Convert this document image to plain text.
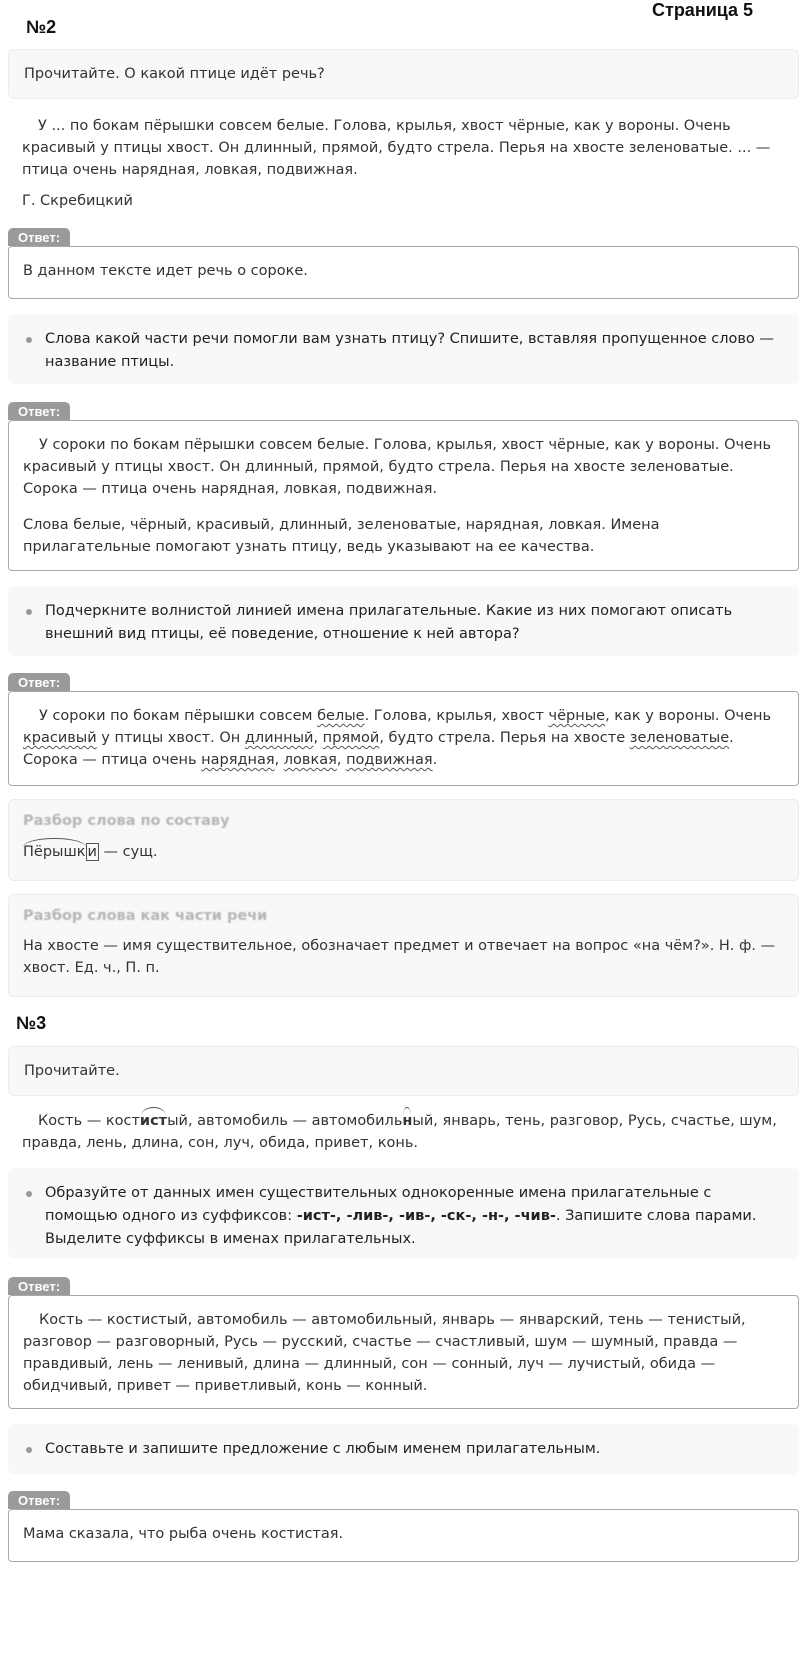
Страница 5
№2
Прочитайте. О какой птице идёт речь?
У ... по бокам пёрышки совсем белые. Голова, крылья, хвост чёрные, как у вороны. Очень красивый у птицы хвост. Он длинный, прямой, будто стрела. Перья на хвосте зеленоватые. ... — птица очень нарядная, ловкая, подвижная.
Г. Скребицкий
Ответ:
В данном тексте идет речь о сороке.
Слова какой части речи помогли вам узнать птицу? Спишите, вставляя пропущенное слово — название птицы.
Ответ:
У сороки по бокам пёрышки совсем белые. Голова, крылья, хвост чёрные, как у вороны. Очень красивый у птицы хвост. Он длинный, прямой, будто стрела. Перья на хвосте зеленоватые. Сорока — птица очень нарядная, ловкая, подвижная.
Слова белые, чёрный, красивый, длинный, зеленоватые, нарядная, ловкая. Имена прилагательные помогают узнать птицу, ведь указывают на ее качества.
Подчеркните волнистой линией имена прилагательные. Какие из них помогают описать внешний вид птицы, её поведение, отношение к ней автора?
Ответ:
У сороки по бокам пёрышки совсем белые. Голова, крылья, хвост чёрные, как у вороны. Очень красивый у птицы хвост. Он длинный, прямой, будто стрела. Перья на хвосте зеленоватые. Сорока — птица очень нарядная, ловкая, подвижная.
Разбор слова по составу
Пёрышк и — сущ.
Разбор слова как части речи
На хвосте — имя существительное, обозначает предмет и отвечает на вопрос «на чём?». Н. ф. — хвост. Ед. ч., П. п.
№3
Прочитайте.
Кость — костистый, автомобиль — автомобильный, январь, тень, разговор, Русь, счастье, шум, правда, лень, длина, сон, луч, обида, привет, конь.
Образуйте от данных имен существительных однокоренные имена прилагательные с помощью одного из суффиксов: -ист-, -лив-, -ив-, -ск-, -н-, -чив-. Запишите слова парами. Выделите суффиксы в именах прилагательных.
Ответ:
Кость — костистый, автомобиль — автомобильный, январь — январский, тень — тенистый, разговор — разговорный, Русь — русский, счастье — счастливый, шум — шумный, правда — правдивый, лень — ленивый, длина — длинный, сон — сонный, луч — лучистый, обида — обидчивый, привет — приветливый, конь — конный.
Составьте и запишите предложение с любым именем прилагательным.
Ответ:
Мама сказала, что рыба очень костистая.
